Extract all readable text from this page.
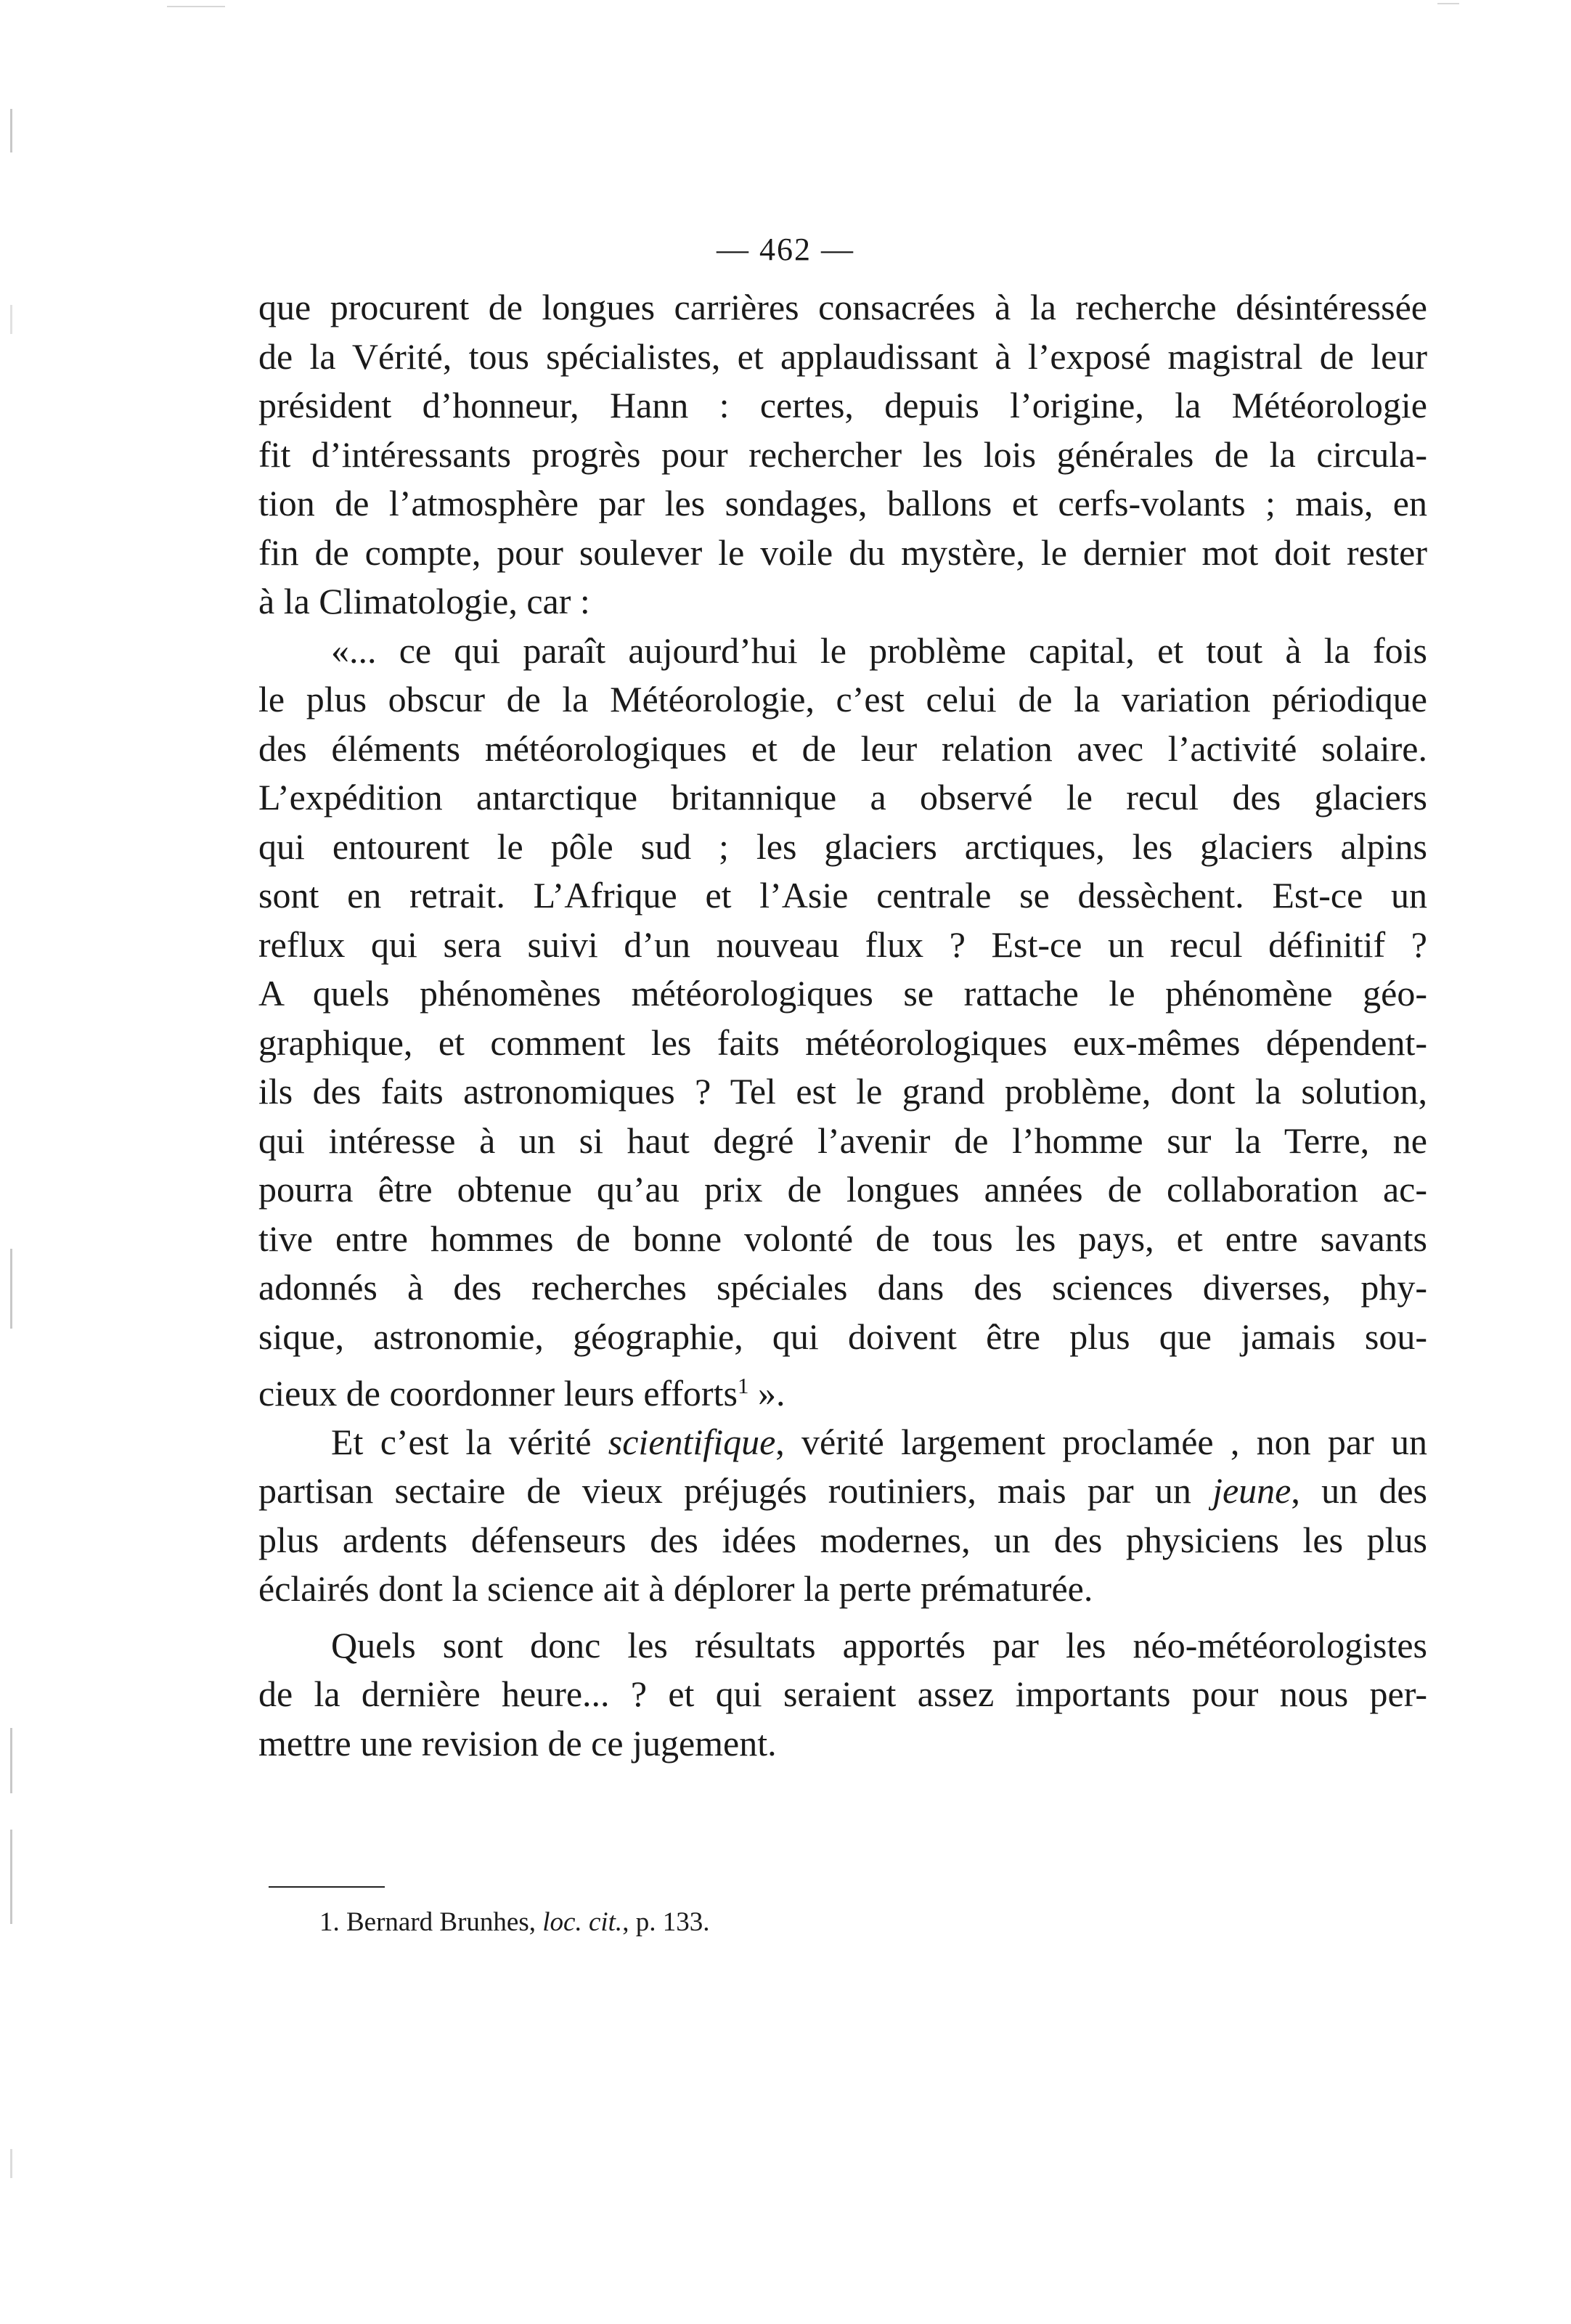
— 462 —
que procurent de longues carrières consacrées à la recherche désintéressée
de la Vérité, tous spécialistes, et applaudissant à l’exposé magistral de leur
président d’honneur, Hann : certes, depuis l’origine, la Météorologie
fit d’intéressants progrès pour rechercher les lois générales de la circula-
tion de l’atmosphère par les sondages, ballons et cerfs-volants ; mais, en
fin de compte, pour soulever le voile du mystère, le dernier mot doit rester
à la Climatologie, car :
«... ce qui paraît aujourd’hui le problème capital, et tout à la fois
le plus obscur de la Météorologie, c’est celui de la variation périodique
des éléments météorologiques et de leur relation avec l’activité solaire.
L’expédition antarctique britannique a observé le recul des glaciers
qui entourent le pôle sud ; les glaciers arctiques, les glaciers alpins
sont en retrait. L’Afrique et l’Asie centrale se dessèchent. Est-ce un
reflux qui sera suivi d’un nouveau flux ? Est-ce un recul définitif ?
A quels phénomènes météorologiques se rattache le phénomène géo-
graphique, et comment les faits météorologiques eux-mêmes dépendent-
ils des faits astronomiques ? Tel est le grand problème, dont la solution,
qui intéresse à un si haut degré l’avenir de l’homme sur la Terre, ne
pourra être obtenue qu’au prix de longues années de collaboration ac-
tive entre hommes de bonne volonté de tous les pays, et entre savants
adonnés à des recherches spéciales dans des sciences diverses, phy-
sique, astronomie, géographie, qui doivent être plus que jamais sou-
cieux de coordonner leurs efforts$^1$ ».
Et c’est la vérité scientifique, vérité largement proclamée , non par un
partisan sectaire de vieux préjugés routiniers, mais par un jeune, un des
plus ardents défenseurs des idées modernes, un des physiciens les plus
éclairés dont la science ait à déplorer la perte prématurée.
Quels sont donc les résultats apportés par les néo-météorologistes
de la dernière heure... ? et qui seraient assez importants pour nous per-
mettre une revision de ce jugement.
1. Bernard Brunhes, loc. cit., p. 133.
